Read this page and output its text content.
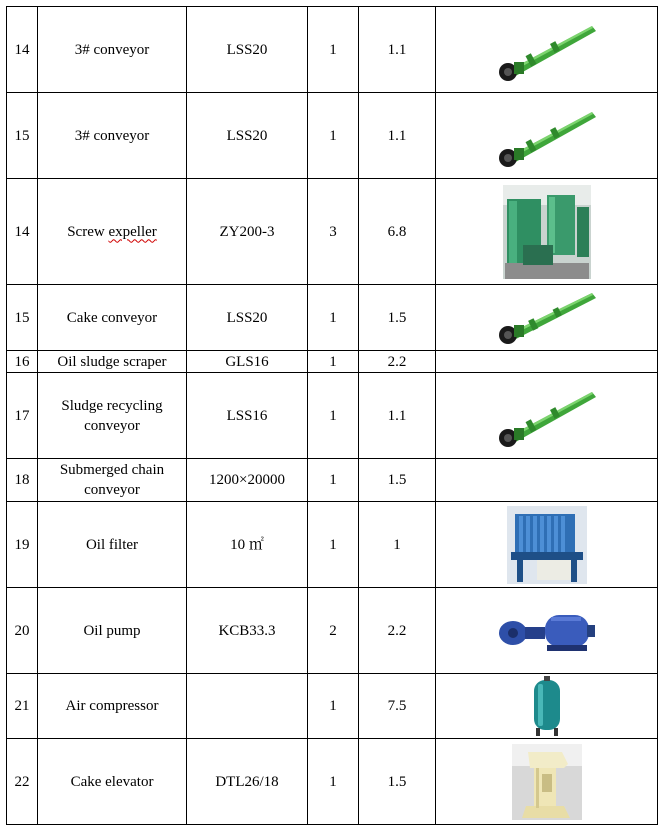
14	3# conveyor	LSS20	1	1.1	

15	3# conveyor	LSS20	1	1.1	

14	Screw expeller	ZY200-3	3	6.8	

15	Cake conveyor	LSS20	1	1.5	

16	Oil sludge scraper	GLS16	1	2.2	
17	Sludge recycling
conveyor	LSS16	1	1.1	

18	Submerged chain
conveyor	1200×20000	1	1.5	
19	Oil filter	10 ㎡	1	1	

20	Oil pump	KCB33.3	2	2.2	

21	Air compressor		1	7.5	

22	Cake elevator	DTL26/18	1	1.5	
